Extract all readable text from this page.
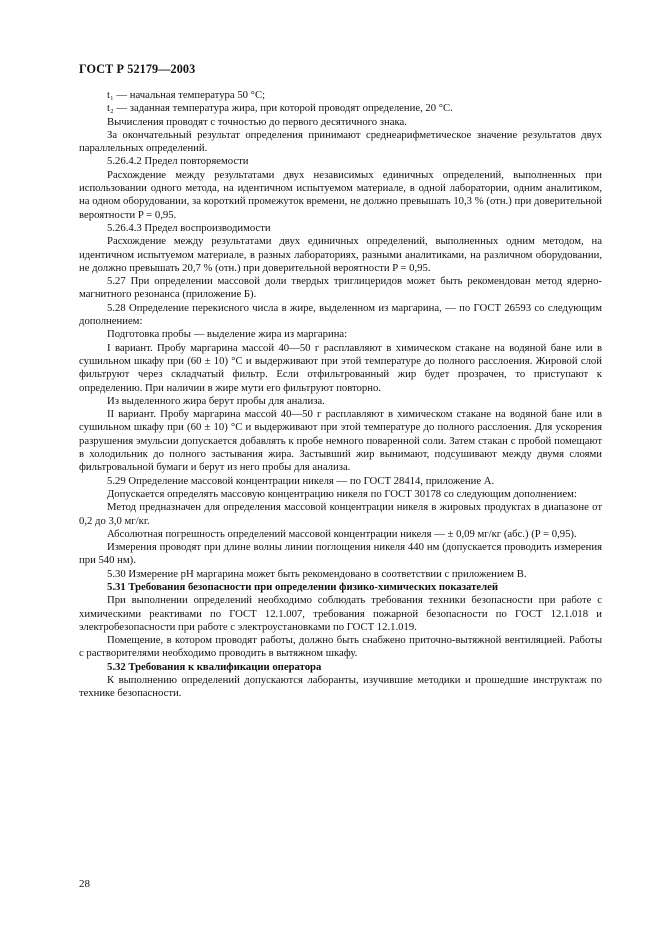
ГОСТ Р 52179—2003

t₁ — начальная температура 50 °С;

t₂ — заданная температура жира, при которой проводят определение, 20 °С.

Вычисления проводят с точностью до первого десятичного знака.

За окончательный результат определения принимают среднеарифметическое значение результатов двух параллельных определений.

5.26.4.2 Предел повторяемости

Расхождение между результатами двух независимых единичных определений, выполненных при использовании одного метода, на идентичном испытуемом материале, в одной лаборатории, одним аналитиком, на одном оборудовании, за короткий промежуток времени, не должно превышать 10,3 % (отн.) при доверительной вероятности P = 0,95.

5.26.4.3 Предел воспроизводимости

Расхождение между результатами двух единичных определений, выполненных одним методом, на идентичном испытуемом материале, в разных лабораториях, разными аналитиками, на различном оборудовании, не должно превышать 20,7 % (отн.) при доверительной вероятности P = 0,95.

5.27 При определении массовой доли твердых триглицеридов может быть рекомендован метод ядерно-магнитного резонанса (приложение Б).

5.28 Определение перекисного числа в жире, выделенном из маргарина, — по ГОСТ 26593 со следующим дополнением:

Подготовка пробы — выделение жира из маргарина:

I вариант. Пробу маргарина массой 40—50 г расплавляют в химическом стакане на водяной бане или в сушильном шкафу при (60 ± 10) °С и выдерживают при этой температуре до полного расслоения. Жировой слой фильтруют через складчатый фильтр. Если отфильтрованный жир будет прозрачен, то приступают к определению. При наличии в жире мути его фильтруют повторно.

Из выделенного жира берут пробы для анализа.

II вариант. Пробу маргарина массой 40—50 г расплавляют в химическом стакане на водяной бане или в сушильном шкафу при (60 ± 10) °С и выдерживают при этой температуре до полного расслоения. Для ускорения разрушения эмульсии допускается добавлять к пробе немного поваренной соли. Затем стакан с пробой помещают в холодильник до полного застывания жира. Застывший жир вынимают, подсушивают между двумя слоями фильтровальной бумаги и берут из него пробы для анализа.

5.29 Определение массовой концентрации никеля — по ГОСТ 28414, приложение А.

Допускается определять массовую концентрацию никеля по ГОСТ 30178 со следующим дополнением:

Метод предназначен для определения массовой концентрации никеля в жировых продуктах в диапазоне от 0,2 до 3,0 мг/кг.

Абсолютная погрешность определений массовой концентрации никеля — ± 0,09 мг/кг (абс.) (P = 0,95).

Измерения проводят при длине волны линии поглощения никеля 440 нм (допускается проводить измерения при 540 нм).

5.30 Измерение pH маргарина может быть рекомендовано в соответствии с приложением В.

5.31 Требования безопасности при определении физико-химических показателей

При выполнении определений необходимо соблюдать требования техники безопасности при работе с химическими реактивами по ГОСТ 12.1.007, требования пожарной безопасности по ГОСТ 12.1.018 и электробезопасности при работе с электроустановками по ГОСТ 12.1.019.

Помещение, в котором проводят работы, должно быть снабжено приточно-вытяжной вентиляцией. Работы с растворителями необходимо проводить в вытяжном шкафу.

5.32 Требования к квалификации оператора

К выполнению определений допускаются лаборанты, изучившие методики и прошедшие инструктаж по технике безопасности.

28
